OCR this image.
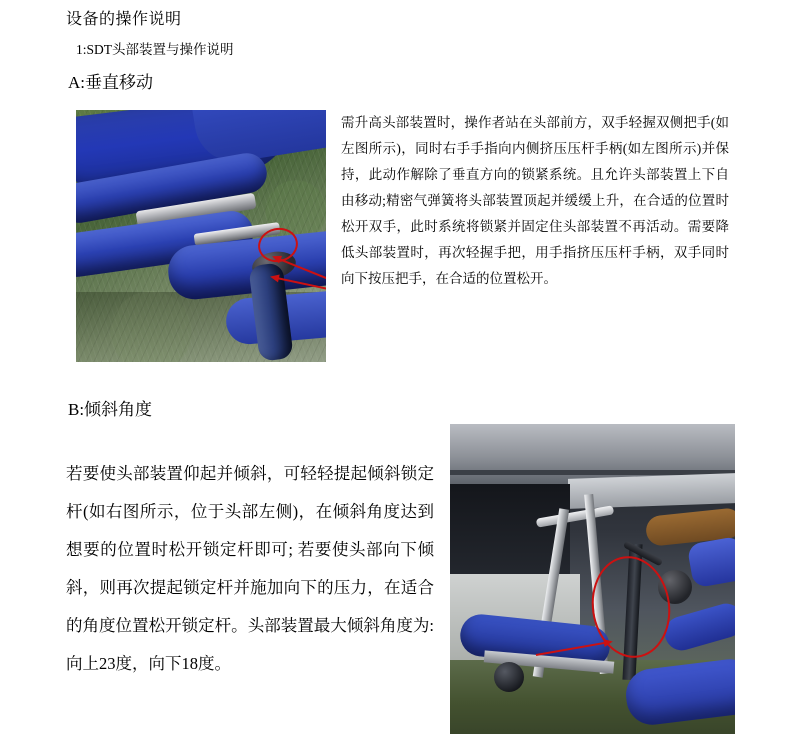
设备的操作说明
1:SDT头部装置与操作说明
A:垂直移动
需升高头部装置时，操作者站在头部前方，双手轻握双侧把手(如左图所示)，同时右手手指向内侧挤压压杆手柄(如左图所示)并保持，此动作解除了垂直方向的锁紧系统。且允许头部装置上下自由移动;精密气弹簧将头部装置顶起并缓缓上升，在合适的位置时松开双手，此时系统将锁紧并固定住头部装置不再活动。需要降低头部装置时，再次轻握手把，用手指挤压压杆手柄，双手同时向下按压把手，在合适的位置松开。
B:倾斜角度
若要使头部装置仰起并倾斜，可轻轻提起倾斜锁定杆(如右图所示，位于头部左侧)，在倾斜角度达到想要的位置时松开锁定杆即可; 若要使头部向下倾斜，则再次提起锁定杆并施加向下的压力，在适合的角度位置松开锁定杆。头部装置最大倾斜角度为:向上23度，向下18度。
